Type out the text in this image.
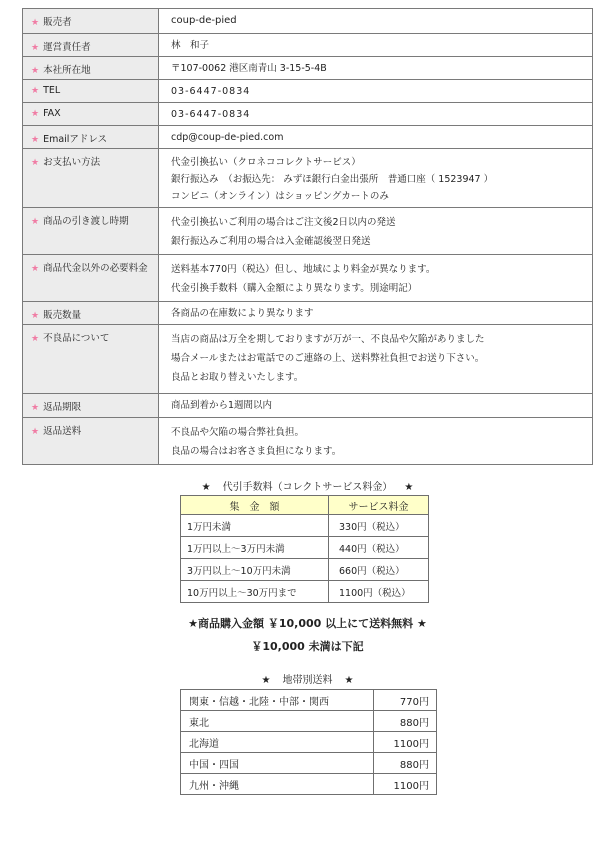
★ 販売者	coup-de-pied

★ 運営責任者	林　和子

★ 本社所在地	〒107-0062 港区南青山 3-15-5-4B

★ TEL	03-6447-0834

★ FAX	03-6447-0834

★ Emailアドレス	cdp@coup-de-pied.com

★ お支払い方法	代金引換払い（クロネココレクトサービス）
銀行振込み　（お振込先： みずほ銀行白金出張所　普通口座（ 1523947 ）
コンビニ（オンライン）はショッピングカートのみ

★ 商品の引き渡し時期	代金引換払いご利用の場合はご注文後2日以内の発送
銀行振込みご利用の場合は入金確認後翌日発送

★ 商品代金以外の必要料金	送料基本770円（税込）但し、地域により料金が異なります。
代金引換手数料（購入金額により異なります。別途明記）

★ 販売数量	各商品の在庫数により異なります

★ 不良品について	当店の商品は万全を期しておりますが万が一、不良品や欠陥がありました
場合メールまたはお電話でのご連絡の上、送料弊社負担でお送り下さい。
良品とお取り替えいたします。

★ 返品期限	商品到着から1週間以内

★ 返品送料	不良品や欠陥の場合弊社負担。
良品の場合はお客さま負担になります。
★ 代引手数料（コレクトサービス料金） ★
集　金　額	サービス料金
1万円未満	330円（税込）
1万円以上～3万円未満	440円（税込）
3万円以上～10万円未満	660円（税込）
10万円以上～30万円まで	1100円（税込）
★商品購入金額 ￥10,000 以上にて送料無料 ★
￥10,000 未満は下記
★ 地帯別送料 ★
関東・信越・北陸・中部・関西	770円
東北	880円
北海道	1100円
中国・四国	880円
九州・沖縄	1100円
